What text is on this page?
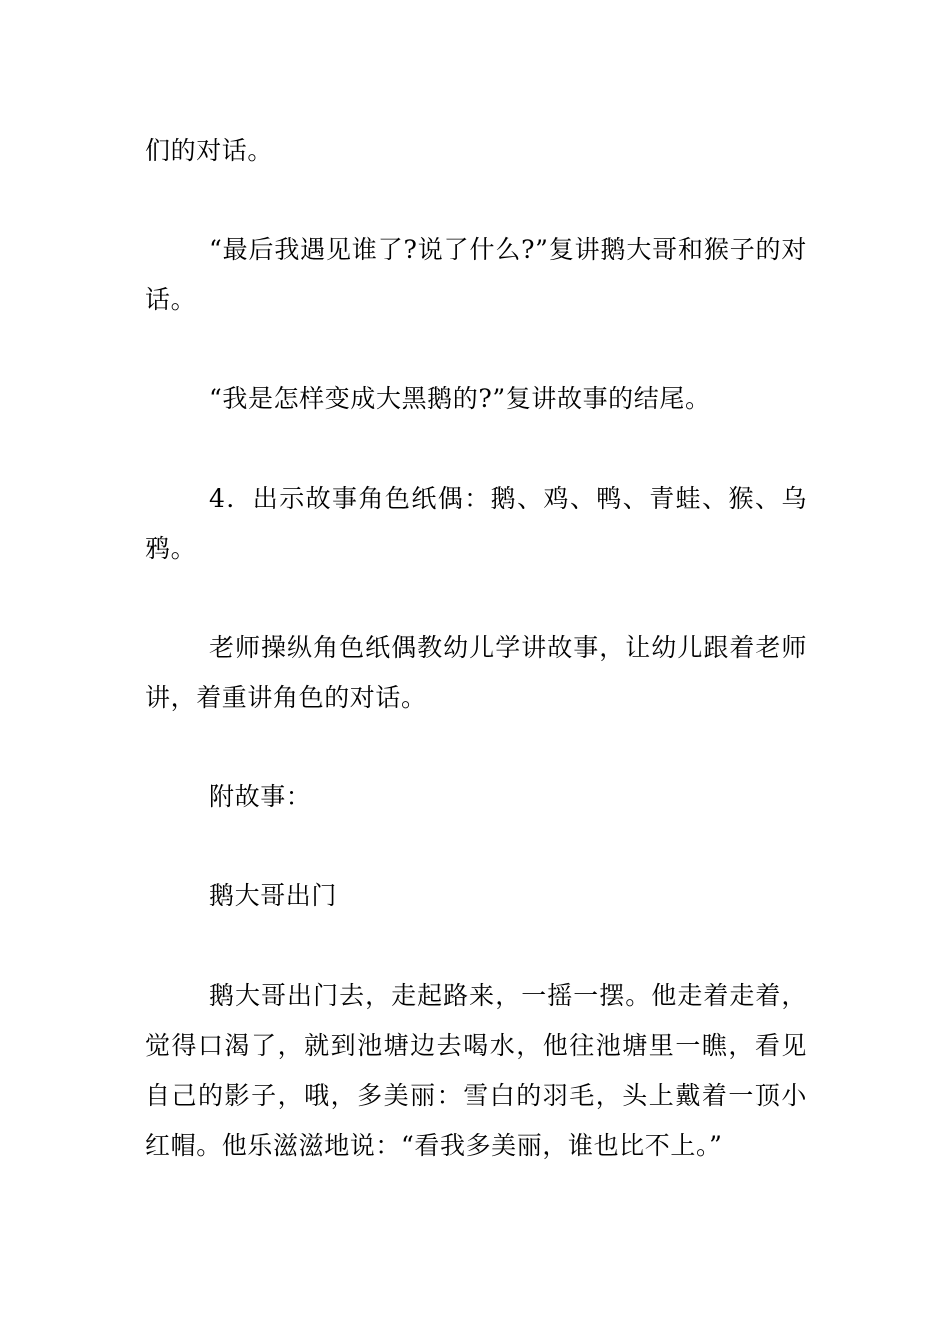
们的对话。

“最后我遇见谁了?说了什么?”复讲鹅大哥和猴子的对话。

“我是怎样变成大黑鹅的?”复讲故事的结尾。

4．出示故事角色纸偶：鹅、鸡、鸭、青蛙、猴、乌鸦。

老师操纵角色纸偶教幼儿学讲故事，让幼儿跟着老师讲，着重讲角色的对话。

附故事：

鹅大哥出门

鹅大哥出门去，走起路来，一摇一摆。他走着走着，觉得口渴了，就到池塘边去喝水，他往池塘里一瞧，看见自己的影子，哦，多美丽：雪白的羽毛，头上戴着一顶小红帽。他乐滋滋地说：“看我多美丽，谁也比不上。”
